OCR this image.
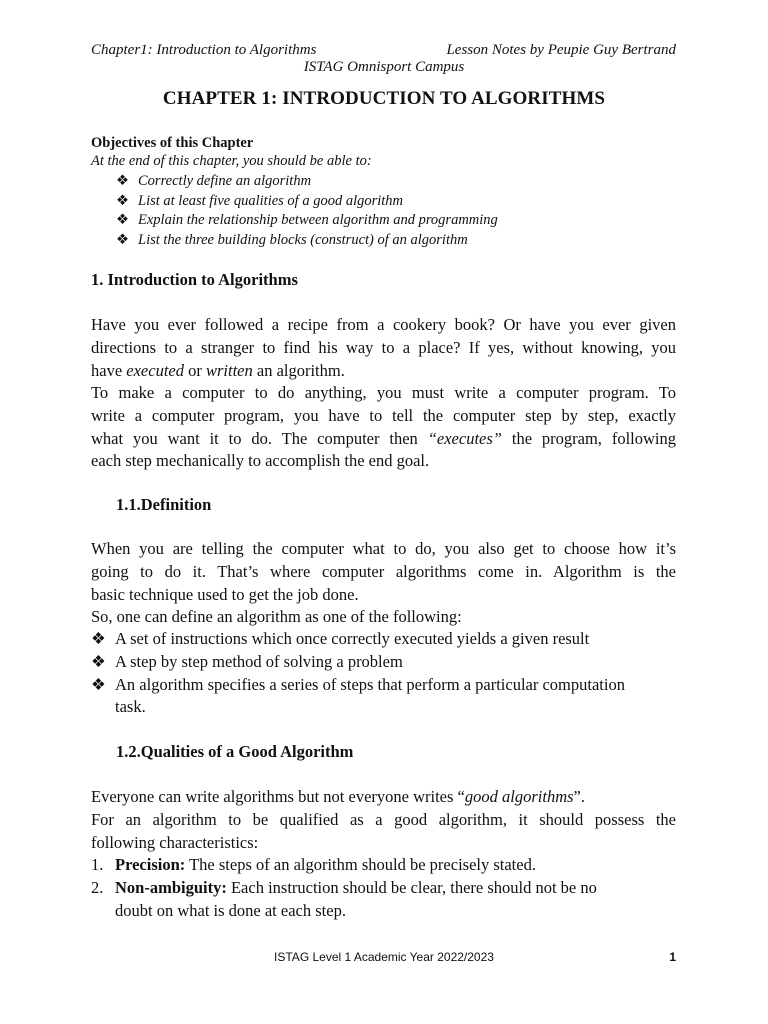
Chapter1: Introduction to Algorithms	Lesson Notes by Peupie Guy Bertrand
ISTAG Omnisport Campus
CHAPTER 1: INTRODUCTION TO ALGORITHMS
Objectives of this Chapter
At the end of this chapter, you should be able to:
❖ Correctly define an algorithm
❖ List at least five qualities of a good algorithm
❖ Explain the relationship between algorithm and programming
❖ List the three building blocks (construct) of an algorithm
1. Introduction to Algorithms
Have you ever followed a recipe from a cookery book? Or have you ever given
directions to a stranger to find his way to a place? If yes, without knowing, you
have executed or written an algorithm.
To make a computer to do anything, you must write a computer program. To
write a computer program, you have to tell the computer step by step, exactly
what you want it to do. The computer then “executes” the program, following
each step mechanically to accomplish the end goal.
1.1.Definition
When you are telling the computer what to do, you also get to choose how it’s
going to do it. That’s where computer algorithms come in. Algorithm is the
basic technique used to get the job done.
So, one can define an algorithm as one of the following:
❖ A set of instructions which once correctly executed yields a given result
❖ A step by step method of solving a problem
❖ An algorithm specifies a series of steps that perform a particular computation
task.
1.2.Qualities of a Good Algorithm
Everyone can write algorithms but not everyone writes “good algorithms”.
For an algorithm to be qualified as a good algorithm, it should possess the
following characteristics:
1. Precision: The steps of an algorithm should be precisely stated.
2. Non-ambiguity: Each instruction should be clear, there should not be no
doubt on what is done at each step.
ISTAG Level 1 Academic Year 2022/2023	1
